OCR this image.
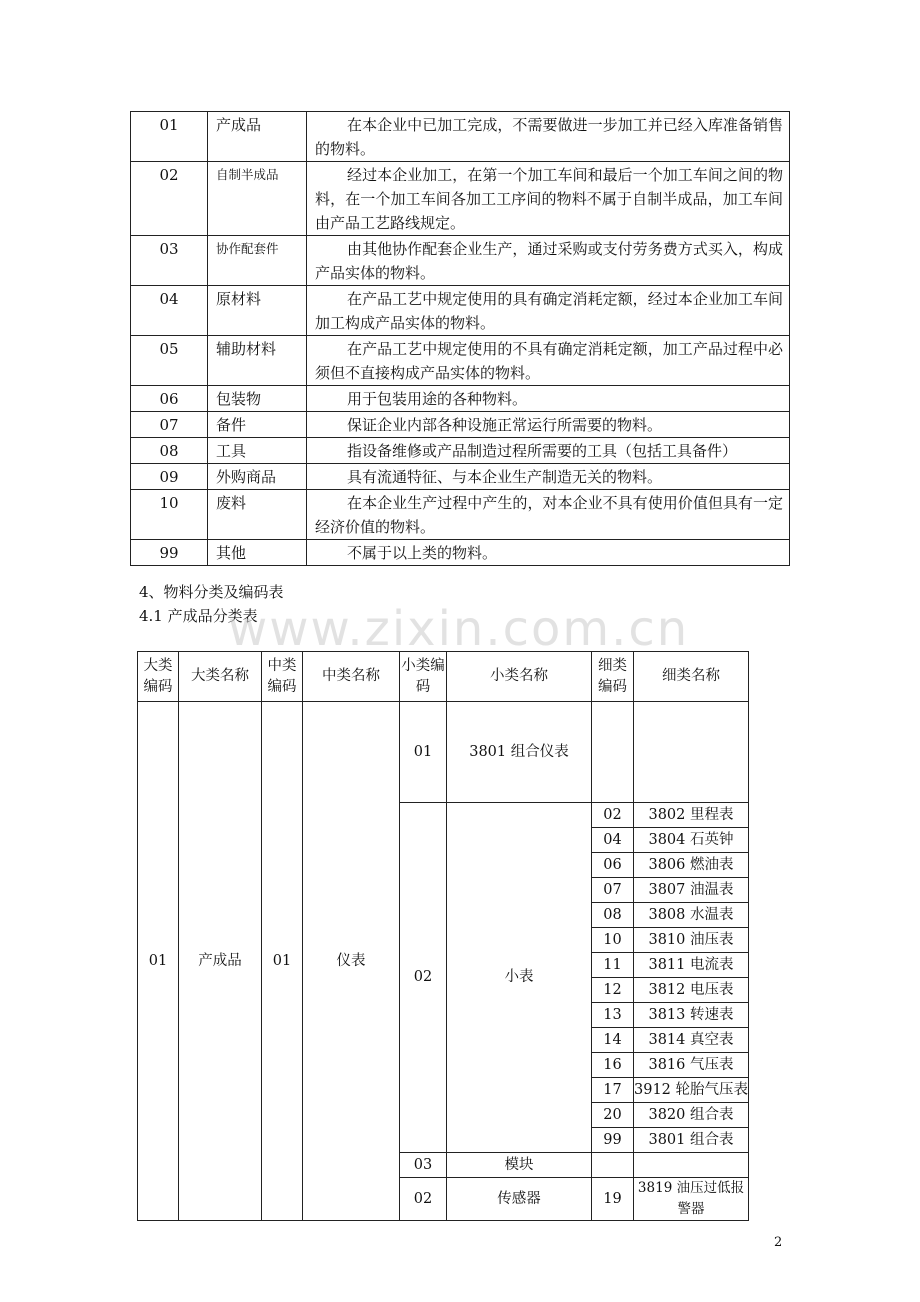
01	产成品	在本企业中已加工完成，不需要做进一步加工并已经入库准备销售的物料。
02	自制半成品	经过本企业加工，在第一个加工车间和最后一个加工车间之间的物料，在一个加工车间各加工工序间的物料不属于自制半成品，加工车间由产品工艺路线规定。
03	协作配套件	由其他协作配套企业生产，通过采购或支付劳务费方式买入，构成产品实体的物料。
04	原材料	在产品工艺中规定使用的具有确定消耗定额，经过本企业加工车间加工构成产品实体的物料。
05	辅助材料	在产品工艺中规定使用的不具有确定消耗定额，加工产品过程中必须但不直接构成产品实体的物料。
06	包装物	用于包装用途的各种物料。
07	备件	保证企业内部各种设施正常运行所需要的物料。
08	工具	指设备维修或产品制造过程所需要的工具（包括工具备件）
09	外购商品	具有流通特征、与本企业生产制造无关的物料。
10	废料	在本企业生产过程中产生的，对本企业不具有使用价值但具有一定经济价值的物料。
99	其他	不属于以上类的物料。
4、物料分类及编码表
4.1 产成品分类表
www.zixin.com.cn
大类编码	大类名称	中类编码	中类名称	小类编码	小类名称	细类编码	细类名称	
01	产成品	01	仪表	01	3801 组合仪表			
				02	小表	02	3802 里程表	
						04	3804 石英钟	
						06	3806 燃油表	
						07	3807 油温表	
						08	3808 水温表	
						10	3810 油压表	
						11	3811 电流表	
						12	3812 电压表	
						13	3813 转速表	
						14	3814 真空表	
						16	3816 气压表	
						17	3912 轮胎气压表	
						20	3820 组合表	
						99	3801 组合表	
				03	模块			
				02	传感器	19	3819 油压过低报警器		
2
